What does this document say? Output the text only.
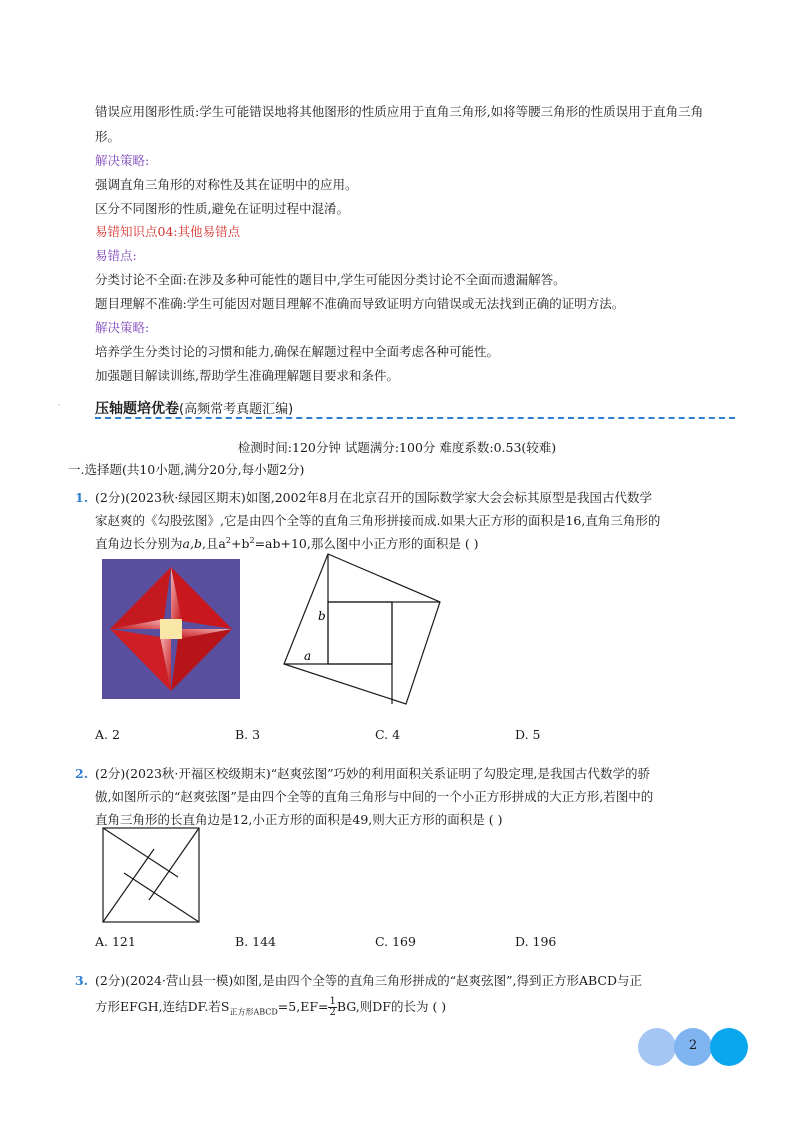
错误应用图形性质:学生可能错误地将其他图形的性质应用于直角三角形,如将等腰三角形的性质误用于直角三角
形。
解决策略:
强调直角三角形的对称性及其在证明中的应用。
区分不同图形的性质,避免在证明过程中混淆。
易错知识点04:其他易错点
易错点:
分类讨论不全面:在涉及多种可能性的题目中,学生可能因分类讨论不全面而遗漏解答。
题目理解不准确:学生可能因对题目理解不准确而导致证明方向错误或无法找到正确的证明方法。
解决策略:
培养学生分类讨论的习惯和能力,确保在解题过程中全面考虑各种可能性。
加强题目解读训练,帮助学生准确理解题目要求和条件。
压轴题培优卷(高频常考真题汇编)
检测时间:120分钟 试题满分:100分 难度系数:0.53(较难)
一.选择题(共10小题,满分20分,每小题2分)
1. (2分)(2023秋·绿园区期末)如图,2002年8月在北京召开的国际数学家大会会标其原型是我国古代数学
家赵爽的《勾股弦图》,它是由四个全等的直角三角形拼接而成.如果大正方形的面积是16,直角三角形的
直角边长分别为a,b,且$a^2+b^2=ab+10$,那么图中小正方形的面积是 ( )
b
a
A. 2	B. 3	C. 4	D. 5
2. (2分)(2023秋·开福区校级期末)“赵爽弦图”巧妙的利用面积关系证明了勾股定理,是我国古代数学的骄
傲,如图所示的“赵爽弦图”是由四个全等的直角三角形与中间的一个小正方形拼成的大正方形,若图中的
直角三角形的长直角边是12,小正方形的面积是49,则大正方形的面积是 ( )
A. 121	B. 144	C. 169	D. 196
3. (2分)(2024·营山县一模)如图,是由四个全等的直角三角形拼成的“赵爽弦图”,得到正方形ABCD与正
方形EFGH,连结DF.若$S_{正方形ABCD}=5,EF= \frac{1}{2}$ BG,则DF的长为 ( )
2
